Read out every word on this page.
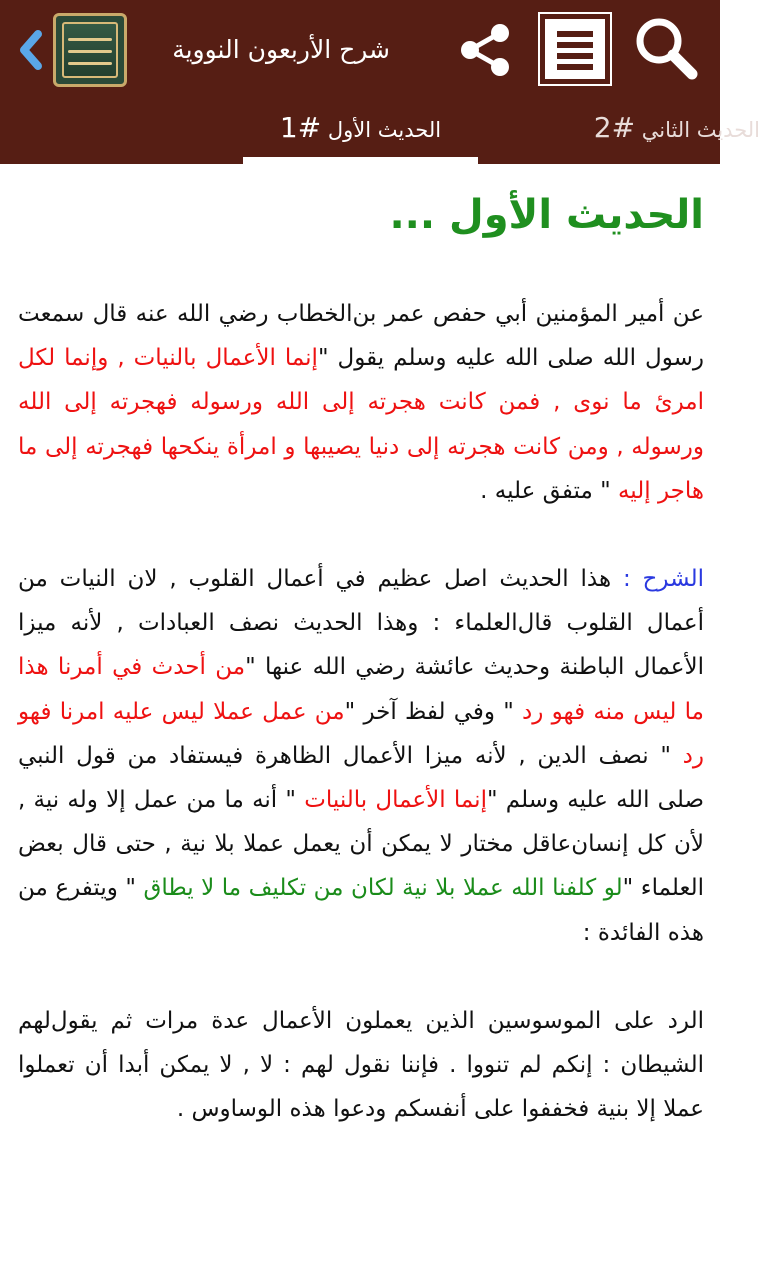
شرح الأربعون النووية
الحديث الأول #1	الحديث الثاني #2
الحديث الأول ...

عن أمير المؤمنين أبي حفص عمر بن‌الخطاب رضي الله عنه قال سمعت رسول الله صلى الله عليه وسلم يقول "إنما الأعمال بالنيات , وإنما لكل امرئ ما نوى , فمن كانت هجرته إلى الله ورسوله فهجرته إلى الله ورسوله , ومن كانت هجرته إلى دنيا يصيبها و امرأة ينكحها فهجرته إلى ما هاجر إليه " متفق عليه .

الشرح : هذا الحديث اصل عظيم في أعمال القلوب , لان النيات من أعمال القلوب قال‌العلماء : وهذا الحديث نصف العبادات , لأنه ميزا الأعمال الباطنة وحديث عائشة رضي الله عنها "من أحدث في أمرنا هذا ما ليس منه فهو رد " وفي لفظ آخر "من عمل عملا ليس عليه امرنا فهو رد " نصف الدين , لأنه ميزا الأعمال الظاهرة فيستفاد من قول النبي صلى الله عليه وسلم "إنما الأعمال بالنيات " أنه ما من عمل إلا وله نية , لأن كل إنسان‌عاقل مختار لا يمكن أن يعمل عملا بلا نية , حتى قال بعض العلماء "لو كلفنا الله عملا بلا نية لكان من تكليف ما لا يطاق " ويتفرع من هذه الفائدة :

الرد على الموسوسين الذين يعملون الأعمال عدة مرات ثم يقول‌لهم الشيطان : إنكم لم تنووا . فإننا نقول لهم : لا , لا يمكن أبدا أن تعملوا عملا إلا بنية فخففوا على أنفسكم ودعوا هذه الوساوس .
